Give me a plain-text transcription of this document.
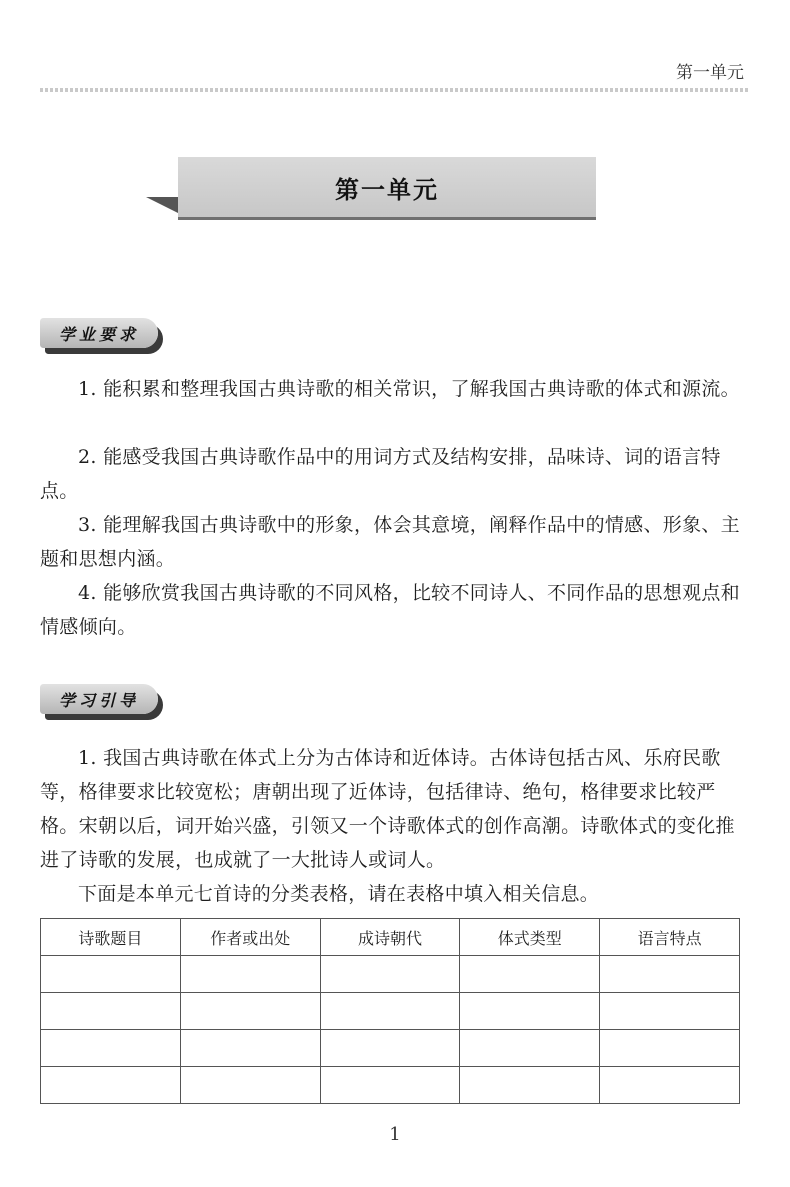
第一单元
第一单元
学业要求

1. 能积累和整理我国古典诗歌的相关常识，了解我国古典诗歌的体式和源流。

2. 能感受我国古典诗歌作品中的用词方式及结构安排，品味诗、词的语言特点。

3. 能理解我国古典诗歌中的形象，体会其意境，阐释作品中的情感、形象、主题和思想内涵。

4. 能够欣赏我国古典诗歌的不同风格，比较不同诗人、不同作品的思想观点和情感倾向。

学习引导

1. 我国古典诗歌在体式上分为古体诗和近体诗。古体诗包括古风、乐府民歌等，格律要求比较宽松；唐朝出现了近体诗，包括律诗、绝句，格律要求比较严格。宋朝以后，词开始兴盛，引领又一个诗歌体式的创作高潮。诗歌体式的变化推进了诗歌的发展，也成就了一大批诗人或词人。

下面是本单元七首诗的分类表格，请在表格中填入相关信息。

诗歌题目	作者或出处	成诗朝代	体式类型	语言特点

1
